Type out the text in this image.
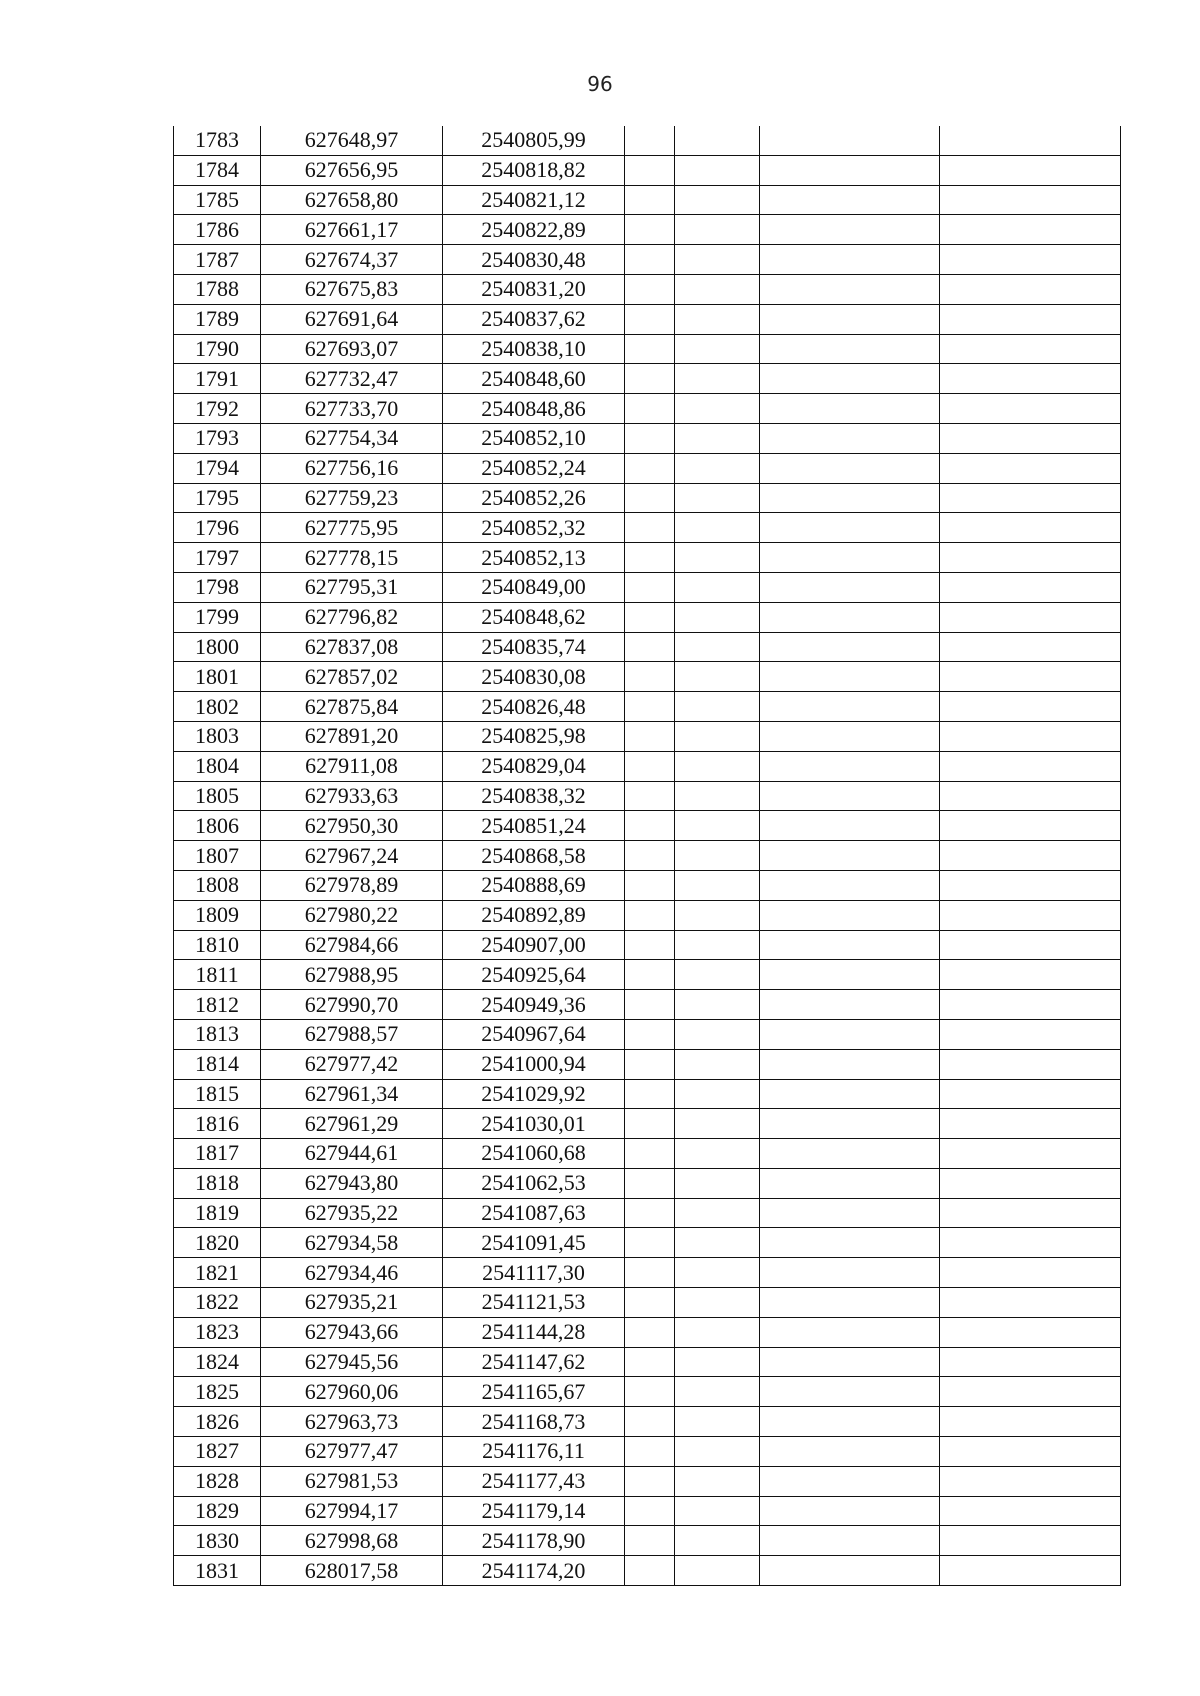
96
1783	627648,97	2540805,99				
1784	627656,95	2540818,82				
1785	627658,80	2540821,12				
1786	627661,17	2540822,89				
1787	627674,37	2540830,48				
1788	627675,83	2540831,20				
1789	627691,64	2540837,62				
1790	627693,07	2540838,10				
1791	627732,47	2540848,60				
1792	627733,70	2540848,86				
1793	627754,34	2540852,10				
1794	627756,16	2540852,24				
1795	627759,23	2540852,26				
1796	627775,95	2540852,32				
1797	627778,15	2540852,13				
1798	627795,31	2540849,00				
1799	627796,82	2540848,62				
1800	627837,08	2540835,74				
1801	627857,02	2540830,08				
1802	627875,84	2540826,48				
1803	627891,20	2540825,98				
1804	627911,08	2540829,04				
1805	627933,63	2540838,32				
1806	627950,30	2540851,24				
1807	627967,24	2540868,58				
1808	627978,89	2540888,69				
1809	627980,22	2540892,89				
1810	627984,66	2540907,00				
1811	627988,95	2540925,64				
1812	627990,70	2540949,36				
1813	627988,57	2540967,64				
1814	627977,42	2541000,94				
1815	627961,34	2541029,92				
1816	627961,29	2541030,01				
1817	627944,61	2541060,68				
1818	627943,80	2541062,53				
1819	627935,22	2541087,63				
1820	627934,58	2541091,45				
1821	627934,46	2541117,30				
1822	627935,21	2541121,53				
1823	627943,66	2541144,28				
1824	627945,56	2541147,62				
1825	627960,06	2541165,67				
1826	627963,73	2541168,73				
1827	627977,47	2541176,11				
1828	627981,53	2541177,43				
1829	627994,17	2541179,14				
1830	627998,68	2541178,90				
1831	628017,58	2541174,20				
